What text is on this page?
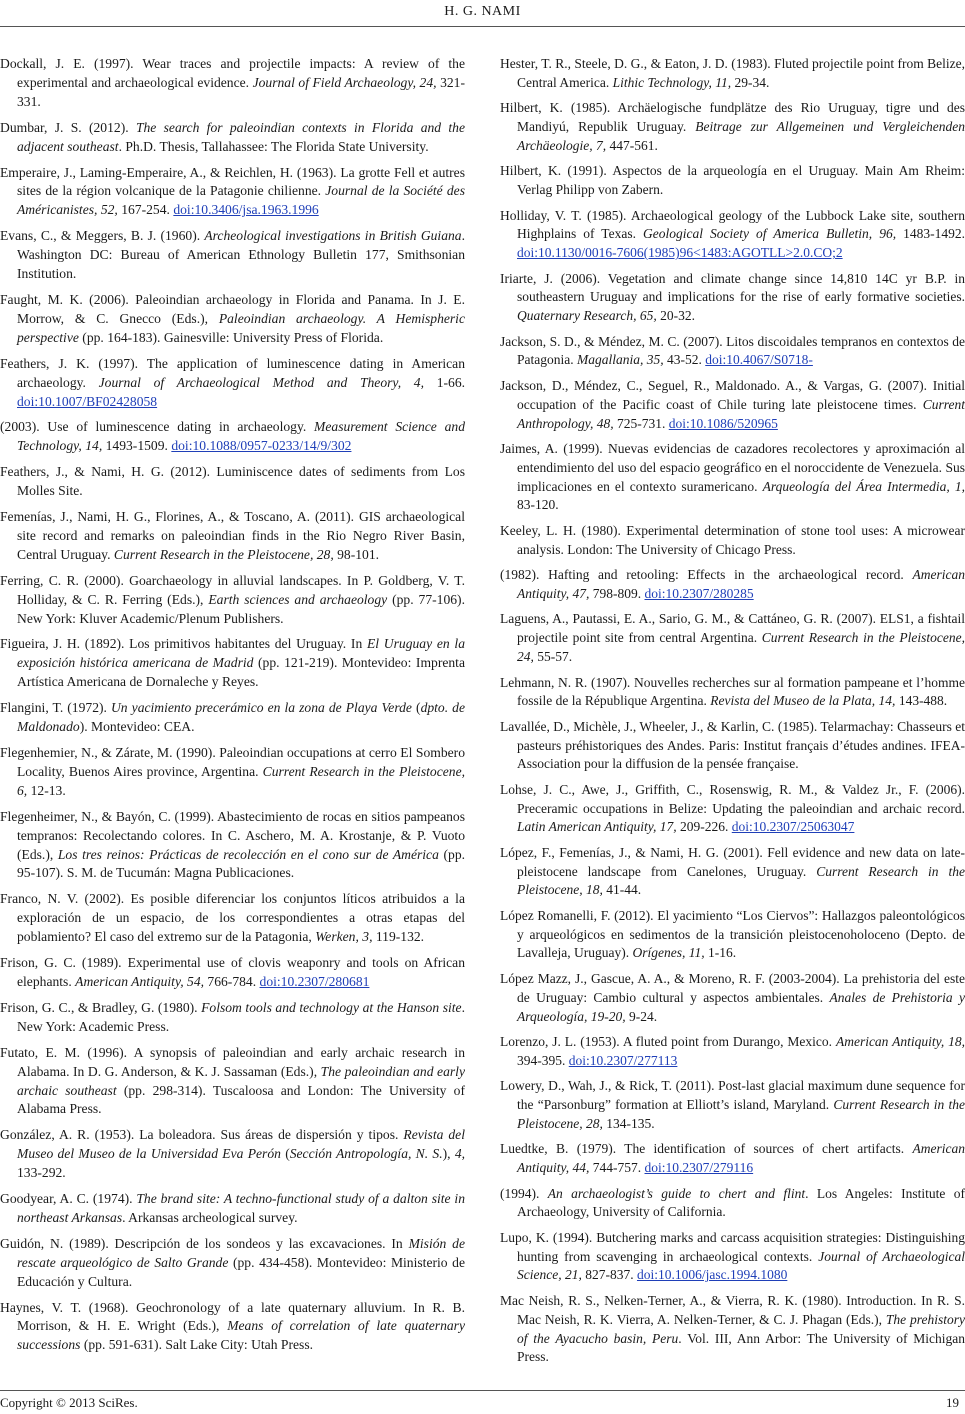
H. G. NAMI

Dockall, J. E. (1997). Wear traces and projectile impacts: A review of the experimental and archaeological evidence. Journal of Field Archaeology, 24, 321-331.

Dumbar, J. S. (2012). The search for paleoindian contexts in Florida and the adjacent southeast. Ph.D. Thesis, Tallahassee: The Florida State University.

Emperaire, J., Laming-Emperaire, A., & Reichlen, H. (1963). La grotte Fell et autres sites de la région volcanique de la Patagonie chilienne. Journal de la Société des Américanistes, 52, 167-254. doi:10.3406/jsa.1963.1996

Evans, C., & Meggers, B. J. (1960). Archeological investigations in British Guiana. Washington DC: Bureau of American Ethnology Bulletin 177, Smithsonian Institution.

Faught, M. K. (2006). Paleoindian archaeology in Florida and Panama. In J. E. Morrow, & C. Gnecco (Eds.), Paleoindian archaeology. A Hemispheric perspective (pp. 164-183). Gainesville: University Press of Florida.

Feathers, J. K. (1997). The application of luminescence dating in American archaeology. Journal of Archaeological Method and Theory, 4, 1-66. doi:10.1007/BF02428058

(2003). Use of luminescence dating in archaeology. Measurement Science and Technology, 14, 1493-1509. doi:10.1088/0957-0233/14/9/302

Feathers, J., & Nami, H. G. (2012). Luminiscence dates of sediments from Los Molles Site.

Femenías, J., Nami, H. G., Florines, A., & Toscano, A. (2011). GIS archaeological site record and remarks on paleoindian finds in the Rio Negro River Basin, Central Uruguay. Current Research in the Pleistocene, 28, 98-101.

Ferring, C. R. (2000). Goarchaeology in alluvial landscapes. In P. Goldberg, V. T. Holliday, & C. R. Ferring (Eds.), Earth sciences and archaeology (pp. 77-106). New York: Kluver Academic/Plenum Publishers.

Figueira, J. H. (1892). Los primitivos habitantes del Uruguay. In El Uruguay en la exposición histórica americana de Madrid (pp. 121-219). Montevideo: Imprenta Artística Americana de Dornaleche y Reyes.

Flangini, T. (1972). Un yacimiento precerámico en la zona de Playa Verde (dpto. de Maldonado). Montevideo: CEA.

Flegenhemier, N., & Zárate, M. (1990). Paleoindian occupations at cerro El Sombero Locality, Buenos Aires province, Argentina. Current Research in the Pleistocene, 6, 12-13.

Flegenheimer, N., & Bayón, C. (1999). Abastecimiento de rocas en sitios pampeanos tempranos: Recolectando colores. In C. Aschero, M. A. Krostanje, & P. Vuoto (Eds.), Los tres reinos: Prácticas de recolección en el cono sur de América (pp. 95-107). S. M. de Tucumán: Magna Publicaciones.

Franco, N. V. (2002). Es posible diferenciar los conjuntos líticos atribuidos a la exploración de un espacio, de los correspondientes a otras etapas del poblamiento? El caso del extremo sur de la Patagonia, Werken, 3, 119-132.

Frison, G. C. (1989). Experimental use of clovis weaponry and tools on African elephants. American Antiquity, 54, 766-784. doi:10.2307/280681

Frison, G. C., & Bradley, G. (1980). Folsom tools and technology at the Hanson site. New York: Academic Press.

Futato, E. M. (1996). A synopsis of paleoindian and early archaic research in Alabama. In D. G. Anderson, & K. J. Sassaman (Eds.), The paleoindian and early archaic southeast (pp. 298-314). Tuscaloosa and London: The University of Alabama Press.

González, A. R. (1953). La boleadora. Sus áreas de dispersión y tipos. Revista del Museo del Museo de la Universidad Eva Perón (Sección Antropología, N. S.), 4, 133-292.

Goodyear, A. C. (1974). The brand site: A techno-functional study of a dalton site in northeast Arkansas. Arkansas archeological survey.

Guidón, N. (1989). Descripción de los sondeos y las excavaciones. In Misión de rescate arqueológico de Salto Grande (pp. 434-458). Montevideo: Ministerio de Educación y Cultura.

Haynes, V. T. (1968). Geochronology of a late quaternary alluvium. In R. B. Morrison, & H. E. Wright (Eds.), Means of correlation of late quaternary successions (pp. 591-631). Salt Lake City: Utah Press.

Hester, T. R., Steele, D. G., & Eaton, J. D. (1983). Fluted projectile point from Belize, Central America. Lithic Technology, 11, 29-34.

Hilbert, K. (1985). Archäelogische fundplätze des Rio Uruguay, tigre und des Mandiyú, Republik Uruguay. Beitrage zur Allgemeinen und Vergleichenden Archäeologie, 7, 447-561.

Hilbert, K. (1991). Aspectos de la arqueología en el Uruguay. Main Am Rheim: Verlag Philipp von Zabern.

Holliday, V. T. (1985). Archaeological geology of the Lubbock Lake site, southern Highplains of Texas. Geological Society of America Bulletin, 96, 1483-1492. doi:10.1130/0016-7606(1985)96<1483:AGOTLL>2.0.CO;2

Iriarte, J. (2006). Vegetation and climate change since 14,810 14C yr B.P. in southeastern Uruguay and implications for the rise of early formative societies. Quaternary Research, 65, 20-32.

Jackson, S. D., & Méndez, M. C. (2007). Litos discoidales tempranos en contextos de Patagonia. Magallania, 35, 43-52. doi:10.4067/S0718-

Jackson, D., Méndez, C., Seguel, R., Maldonado. A., & Vargas, G. (2007). Initial occupation of the Pacific coast of Chile turing late pleistocene times. Current Anthropology, 48, 725-731. doi:10.1086/520965

Jaimes, A. (1999). Nuevas evidencias de cazadores recolectores y aproximación al entendimiento del uso del espacio geográfico en el noroccidente de Venezuela. Sus implicaciones en el contexto suramericano. Arqueología del Área Intermedia, 1, 83-120.

Keeley, L. H. (1980). Experimental determination of stone tool uses: A microwear analysis. London: The University of Chicago Press.

(1982). Hafting and retooling: Effects in the archaeological record. American Antiquity, 47, 798-809. doi:10.2307/280285

Laguens, A., Pautassi, E. A., Sario, G. M., & Cattáneo, G. R. (2007). ELS1, a fishtail projectile point site from central Argentina. Current Research in the Pleistocene, 24, 55-57.

Lehmann, N. R. (1907). Nouvelles recherches sur al formation pampeane et l’homme fossile de la République Argentina. Revista del Museo de la Plata, 14, 143-488.

Lavallée, D., Michèle, J., Wheeler, J., & Karlin, C. (1985). Telarmachay: Chasseurs et pasteurs préhistoriques des Andes. Paris: Institut français d’études andines. IFEA-Association pour la diffusion de la pensée française.

Lohse, J. C., Awe, J., Griffith, C., Rosenswig, R. M., & Valdez Jr., F. (2006). Preceramic occupations in Belize: Updating the paleoindian and archaic record. Latin American Antiquity, 17, 209-226. doi:10.2307/25063047

López, F., Femenías, J., & Nami, H. G. (2001). Fell evidence and new data on late-pleistocene landscape from Canelones, Uruguay. Current Research in the Pleistocene, 18, 41-44.

López Romanelli, F. (2012). El yacimiento “Los Ciervos”: Hallazgos paleontológicos y arqueológicos en sedimentos de la transición pleistocenoholoceno (Depto. de Lavalleja, Uruguay). Orígenes, 11, 1-16.

López Mazz, J., Gascue, A. A., & Moreno, R. F. (2003-2004). La prehistoria del este de Uruguay: Cambio cultural y aspectos ambientales. Anales de Prehistoria y Arqueología, 19-20, 9-24.

Lorenzo, J. L. (1953). A fluted point from Durango, Mexico. American Antiquity, 18, 394-395. doi:10.2307/277113

Lowery, D., Wah, J., & Rick, T. (2011). Post-last glacial maximum dune sequence for the “Parsonburg” formation at Elliott’s island, Maryland. Current Research in the Pleistocene, 28, 134-135.

Luedtke, B. (1979). The identification of sources of chert artifacts. American Antiquity, 44, 744-757. doi:10.2307/279116

(1994). An archaeologist’s guide to chert and flint. Los Angeles: Institute of Archaeology, University of California.

Lupo, K. (1994). Butchering marks and carcass acquisition strategies: Distinguishing hunting from scavenging in archaeological contexts. Journal of Archaeological Science, 21, 827-837. doi:10.1006/jasc.1994.1080

Mac Neish, R. S., Nelken-Terner, A., & Vierra, R. K. (1980). Introduction. In R. S. Mac Neish, R. K. Vierra, A. Nelken-Terner, & C. J. Phagan (Eds.), The prehistory of the Ayacucho basin, Peru. Vol. III, Ann Arbor: The University of Michigan Press.

Copyright © 2013 SciRes.	19
